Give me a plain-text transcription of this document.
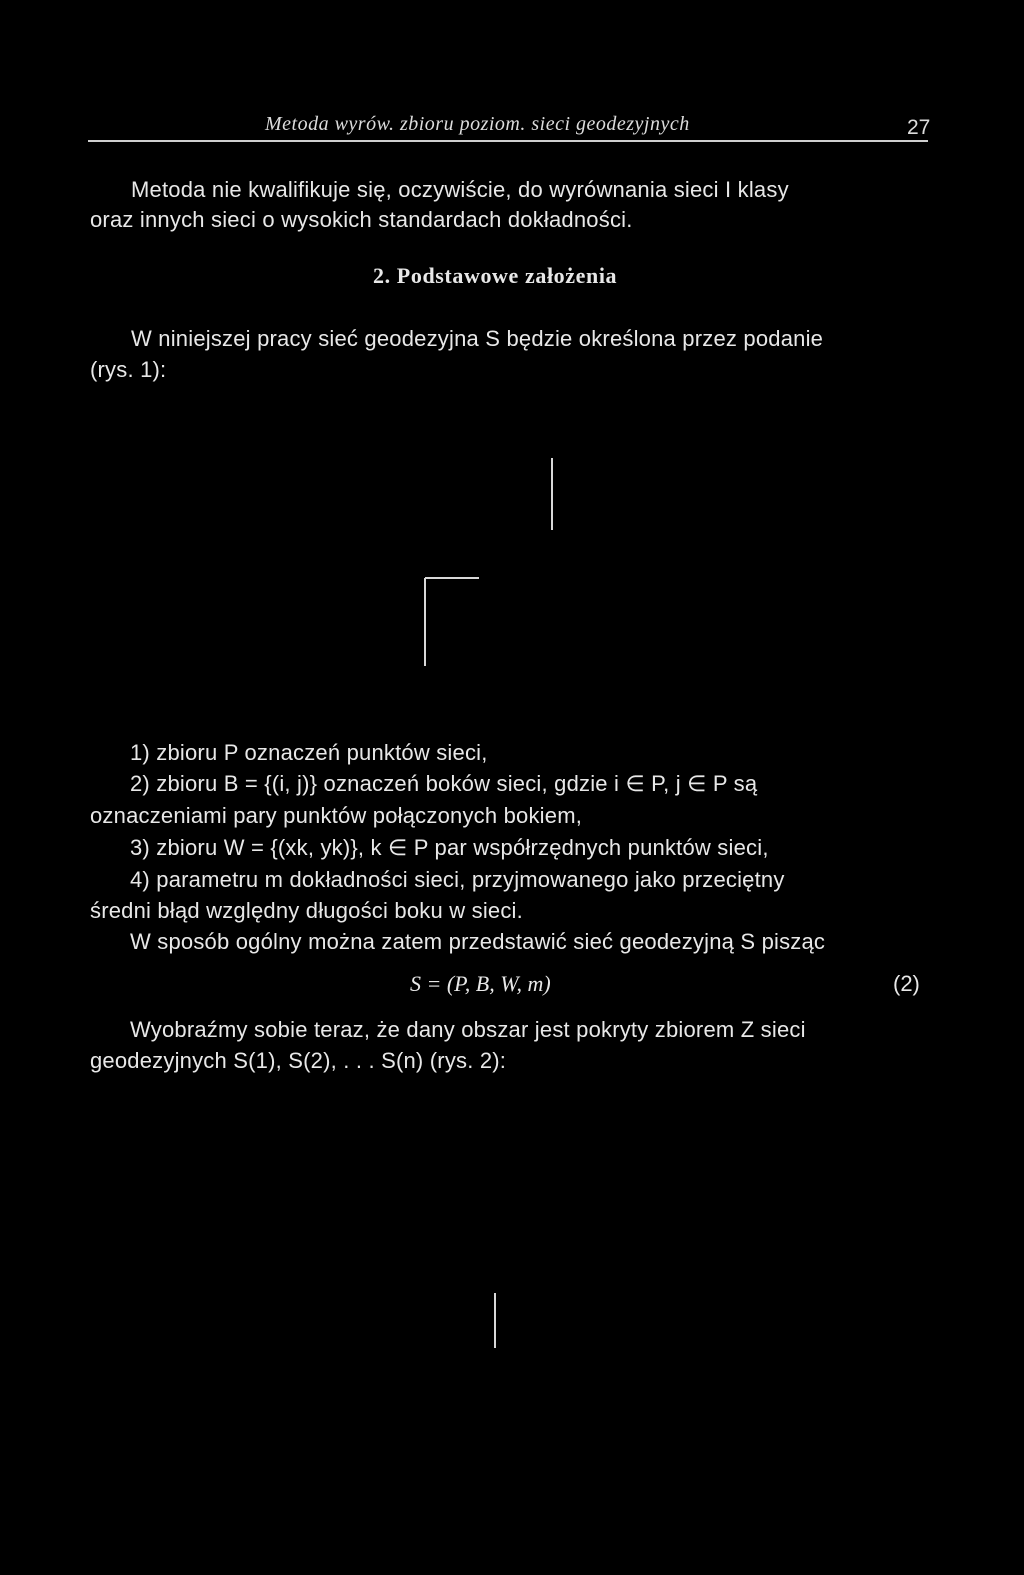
Metoda wyrów. zbioru poziom. sieci geodezyjnych	27
Metoda nie kwalifikuje się, oczywiście, do wyrównania sieci I klasy
oraz innych sieci o wysokich standardach dokładności.
2. Podstawowe założenia
W niniejszej pracy sieć geodezyjna S będzie określona przez podanie
(rys. 1):
1) zbioru P oznaczeń punktów sieci,
2) zbioru B = {(i, j)} oznaczeń boków sieci, gdzie i ∈ P, j ∈ P są
oznaczeniami pary punktów połączonych bokiem,
3) zbioru W = {(xk, yk)}, k ∈ P par współrzędnych punktów sieci,
4) parametru m dokładności sieci, przyjmowanego jako przeciętny
średni błąd względny długości boku w sieci.
W sposób ogólny można zatem przedstawić sieć geodezyjną S pisząc
S = (P, B, W, m)	(2)
Wyobraźmy sobie teraz, że dany obszar jest pokryty zbiorem Z sieci
geodezyjnych S(1), S(2), . . . S(n) (rys. 2):
